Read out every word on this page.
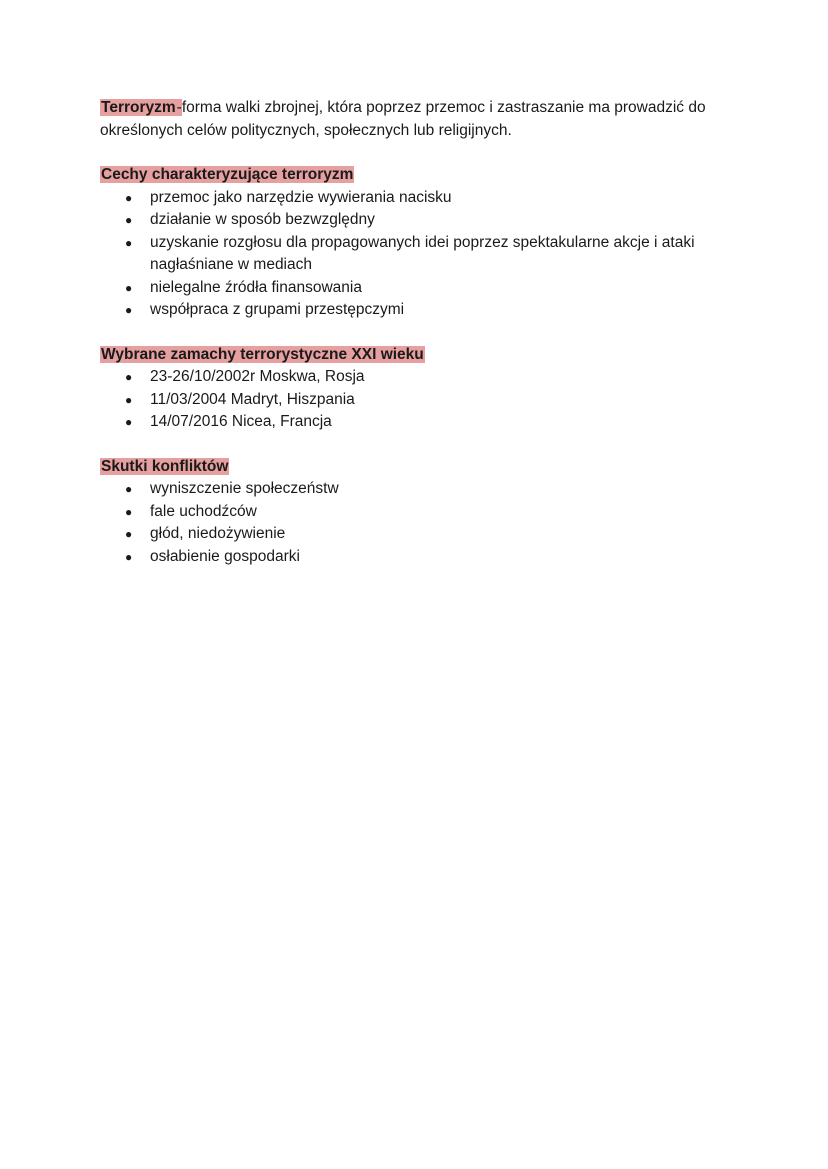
Terroryzm-forma walki zbrojnej, która poprzez przemoc i zastraszanie ma prowadzić do określonych celów politycznych, społecznych lub religijnych.

Cechy charakteryzujące terroryzm

● przemoc jako narzędzie wywierania nacisku
● działanie w sposób bezwzględny
● uzyskanie rozgłosu dla propagowanych idei poprzez spektakularne akcje i ataki nagłaśniane w mediach
● nielegalne źródła finansowania
● współpraca z grupami przestępczymi

Wybrane zamachy terrorystyczne XXI wieku

● 23-26/10/2002r Moskwa, Rosja
● 11/03/2004 Madryt, Hiszpania
● 14/07/2016 Nicea, Francja

Skutki konfliktów

● wyniszczenie społeczeństw
● fale uchodźców
● głód, niedożywienie
● osłabienie gospodarki
